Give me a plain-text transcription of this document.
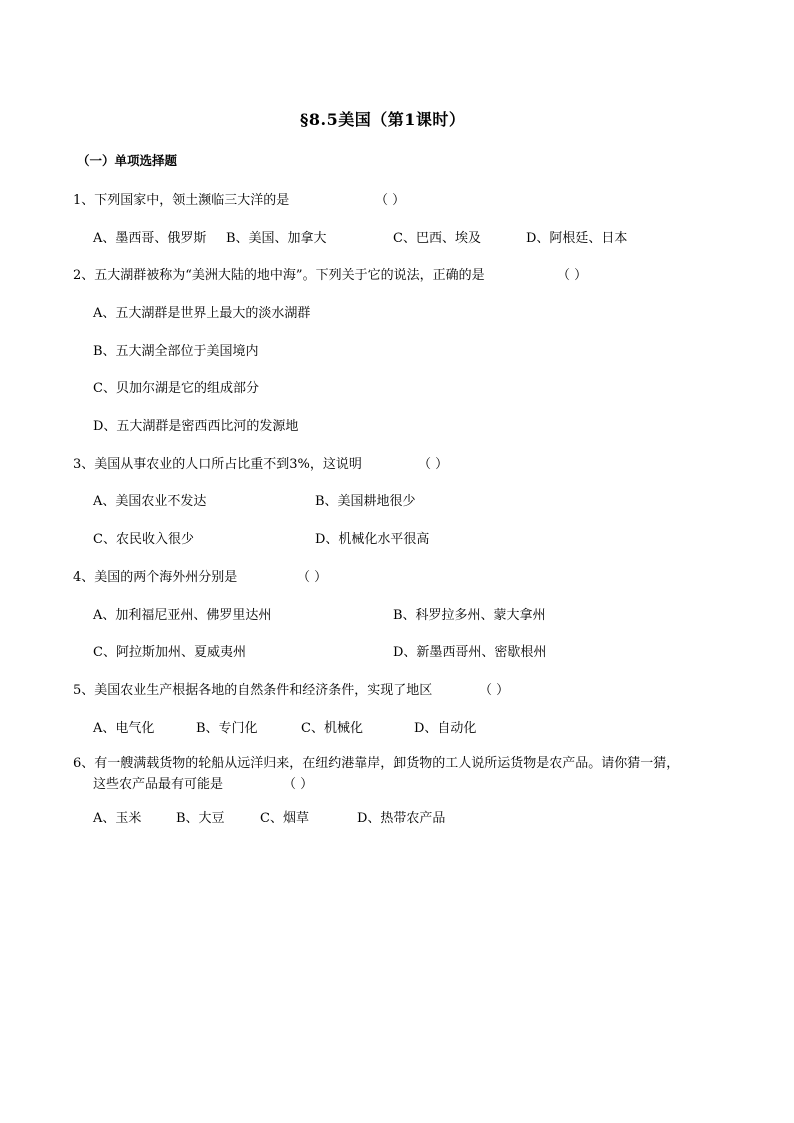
§8.5美国（第1课时）
（一）单项选择题
1、下列国家中，领土濒临三大洋的是	（ ）
A、墨西哥、俄罗斯 B、美国、加拿大	C、巴西、埃及	D、阿根廷、日本
2、五大湖群被称为“美洲大陆的地中海”。下列关于它的说法，正确的是	（ ）
A、五大湖群是世界上最大的淡水湖群
B、五大湖全部位于美国境内
C、贝加尔湖是它的组成部分
D、五大湖群是密西西比河的发源地
3、美国从事农业的人口所占比重不到3%，这说明	（ ）
A、美国农业不发达	B、美国耕地很少
C、农民收入很少	D、机械化水平很高
4、美国的两个海外州分别是	（ ）
A、加利福尼亚州、佛罗里达州	B、科罗拉多州、蒙大拿州
C、阿拉斯加州、夏威夷州	D、新墨西哥州、密歇根州
5、美国农业生产根据各地的自然条件和经济条件，实现了地区	（ ）
A、电气化	B、专门化	C、机械化	D、自动化
6、有一艘满载货物的轮船从远洋归来，在纽约港靠岸，卸货物的工人说所运货物是农产品。请你猜一猜，
这些农产品最有可能是	（ ）
A、玉米	B、大豆	C、烟草	D、热带农产品
